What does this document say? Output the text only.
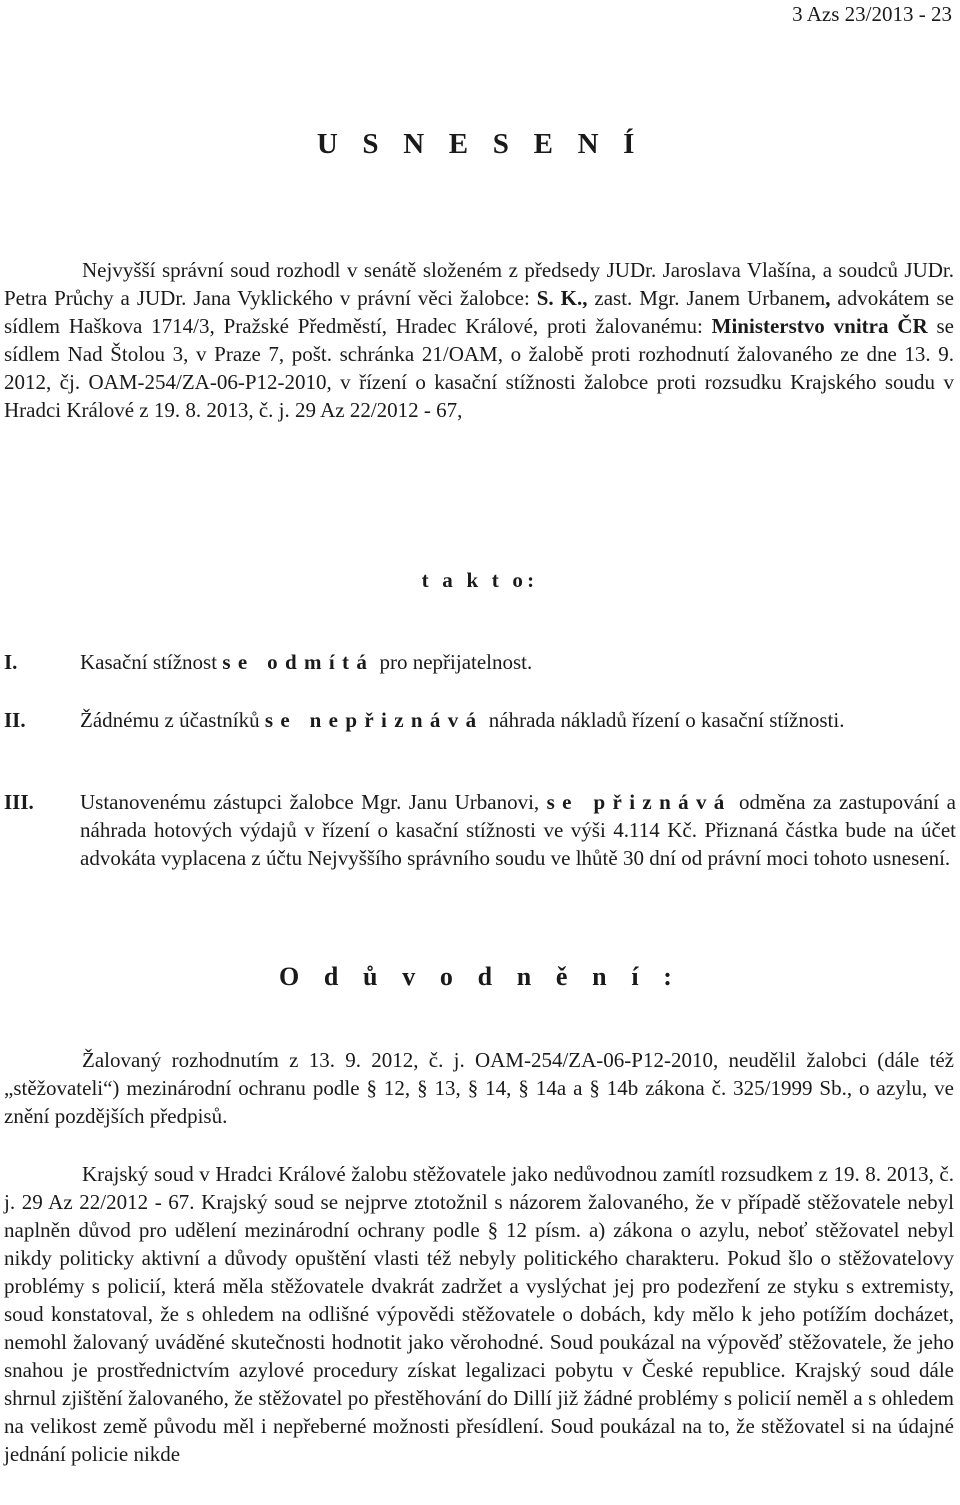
3 Azs 23/2013 - 23
U S N E S E N Í

Nejvyšší správní soud rozhodl v senátě složeném z předsedy JUDr. Jaroslava Vlašína, a soudců JUDr. Petra Průchy a JUDr. Jana Vyklického v právní věci žalobce: S. K., zast. Mgr. Janem Urbanem, advokátem se sídlem Haškova 1714/3, Pražské Předměstí, Hradec Králové, proti žalovanému: Ministerstvo vnitra ČR se sídlem Nad Štolou 3, v Praze 7, pošt. schránka 21/OAM, o žalobě proti rozhodnutí žalovaného ze dne 13. 9. 2012, čj. OAM-254/ZA-06-P12-2010, v řízení o kasační stížnosti žalobce proti rozsudku Krajského soudu v Hradci Králové z 19. 8. 2013, č. j. 29 Az 22/2012 - 67,

t a k t o:
I.	Kasační stížnost se odmítá pro nepřijatelnost.
II.	Žádnému z účastníků se nepřiznává náhrada nákladů řízení o kasační stížnosti.
III. Ustanovenému zástupci žalobce Mgr. Janu Urbanovi, se přiznává odměna za zastupování a náhrada hotových výdajů v řízení o kasační stížnosti ve výši 4.114 Kč. Přiznaná částka bude na účet advokáta vyplacena z účtu Nejvyššího správního soudu ve lhůtě 30 dní od právní moci tohoto usnesení.
O d ů v o d n ě n í :

Žalovaný rozhodnutím z 13. 9. 2012, č. j. OAM-254/ZA-06-P12-2010, neudělil žalobci (dále též „stěžovateli“) mezinárodní ochranu podle § 12, § 13, § 14, § 14a a § 14b zákona č. 325/1999 Sb., o azylu, ve znění pozdějších předpisů.

Krajský soud v Hradci Králové žalobu stěžovatele jako nedůvodnou zamítl rozsudkem z 19. 8. 2013, č. j. 29 Az 22/2012 - 67. Krajský soud se nejprve ztotožnil s názorem žalovaného, že v případě stěžovatele nebyl naplněn důvod pro udělení mezinárodní ochrany podle § 12 písm. a) zákona o azylu, neboť stěžovatel nebyl nikdy politicky aktivní a důvody opuštění vlasti též nebyly politického charakteru. Pokud šlo o stěžovatelovy problémy s policií, která měla stěžovatele dvakrát zadržet a vyslýchat jej pro podezření ze styku s extremisty, soud konstatoval, že s ohledem na odlišné výpovědi stěžovatele o dobách, kdy mělo k jeho potížím docházet, nemohl žalovaný uváděné skutečnosti hodnotit jako věrohodné. Soud poukázal na výpověď stěžovatele, že jeho snahou je prostřednictvím azylové procedury získat legalizaci pobytu v České republice. Krajský soud dále shrnul zjištění žalovaného, že stěžovatel po přestěhování do Dillí již žádné problémy s policií neměl a s ohledem na velikost země původu měl i nepřeberné možnosti přesídlení. Soud poukázal na to, že stěžovatel si na údajné jednání policie nikde
